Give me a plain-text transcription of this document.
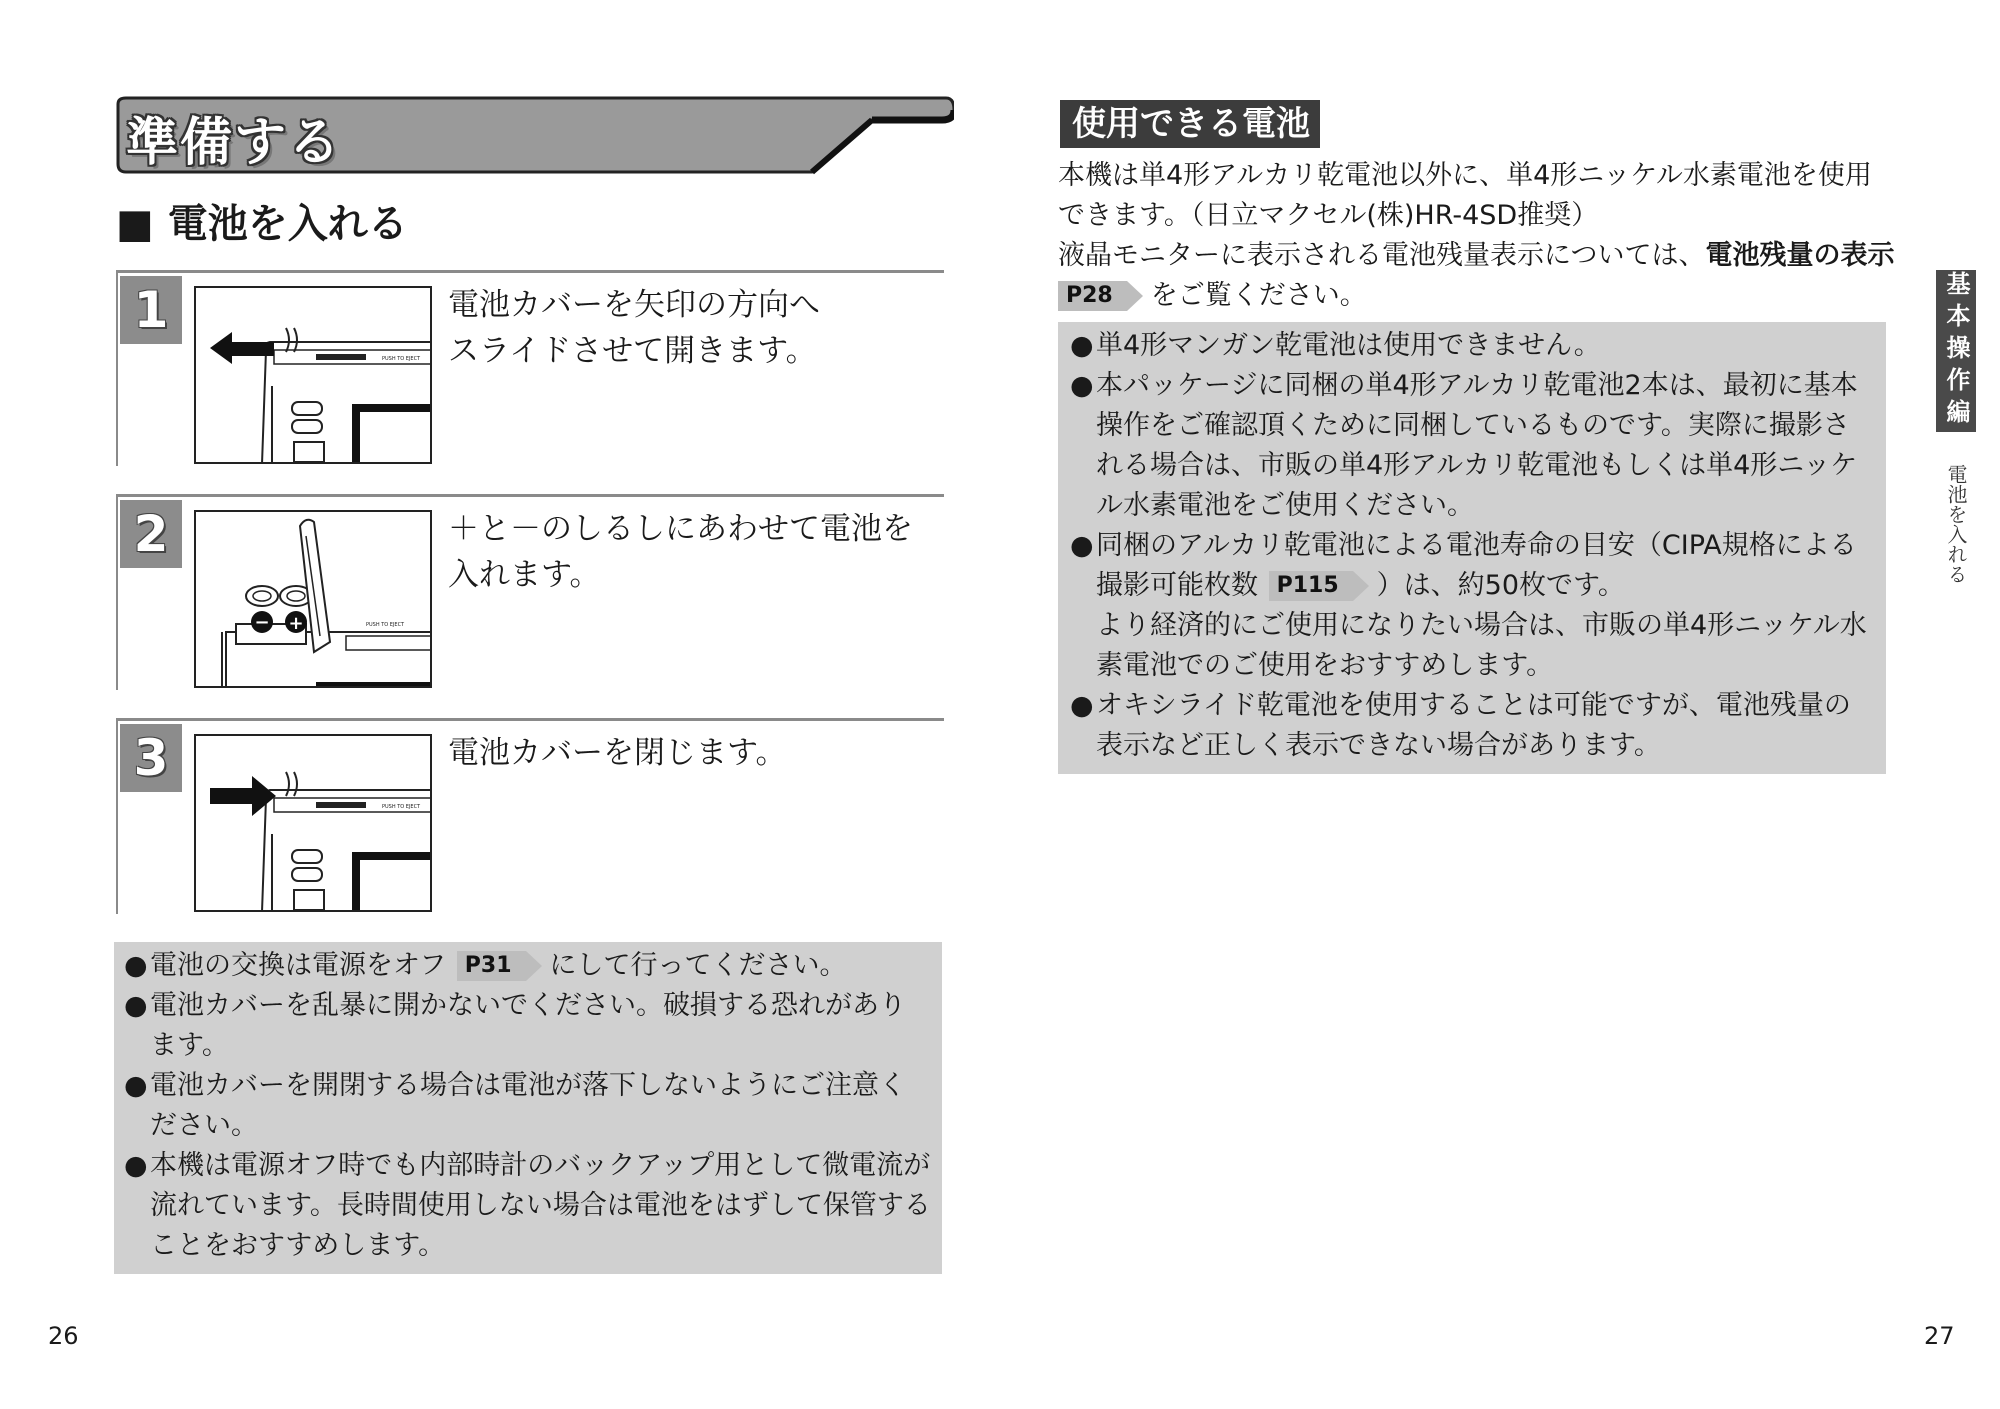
準備する
■ 電池を入れる
1
PUSH TO EJECT
電池カバーを矢印の方向へ
スライドさせて開きます。
2
− +	PUSH TO EJECT
＋と－のしるしにあわせて電池を
入れます。
3
PUSH TO EJECT
電池カバーを閉じます。
● 電池の交換は電源をオフ P31 にして行ってください。
● 電池カバーを乱暴に開かないでください。破損する恐れがあります。
● 電池カバーを開閉する場合は電池が落下しないようにご注意ください。
● 本機は電源オフ時でも内部時計のバックアップ用として微電流が流れています。長時間使用しない場合は電池をはずして保管することをおすすめします。
26
使用できる電池
本機は単4形アルカリ乾電池以外に、単4形ニッケル水素電池を使用できます。（日立マクセル(株)HR-4SD推奨）
液晶モニターに表示される電池残量表示については、電池残量の表示 P28 をご覧ください。
● 単4形マンガン乾電池は使用できません。
● 本パッケージに同梱の単4形アルカリ乾電池2本は、最初に基本操作をご確認頂くために同梱しているものです。実際に撮影される場合は、市販の単4形アルカリ乾電池もしくは単4形ニッケル水素電池をご使用ください。
● 同梱のアルカリ乾電池による電池寿命の目安（CIPA規格による撮影可能枚数 P115 ）は、約50枚です。
より経済的にご使用になりたい場合は、市販の単4形ニッケル水素電池でのご使用をおすすめします。
● オキシライド乾電池を使用することは可能ですが、電池残量の表示など正しく表示できない場合があります。
基本操作編
電池を入れる
27
